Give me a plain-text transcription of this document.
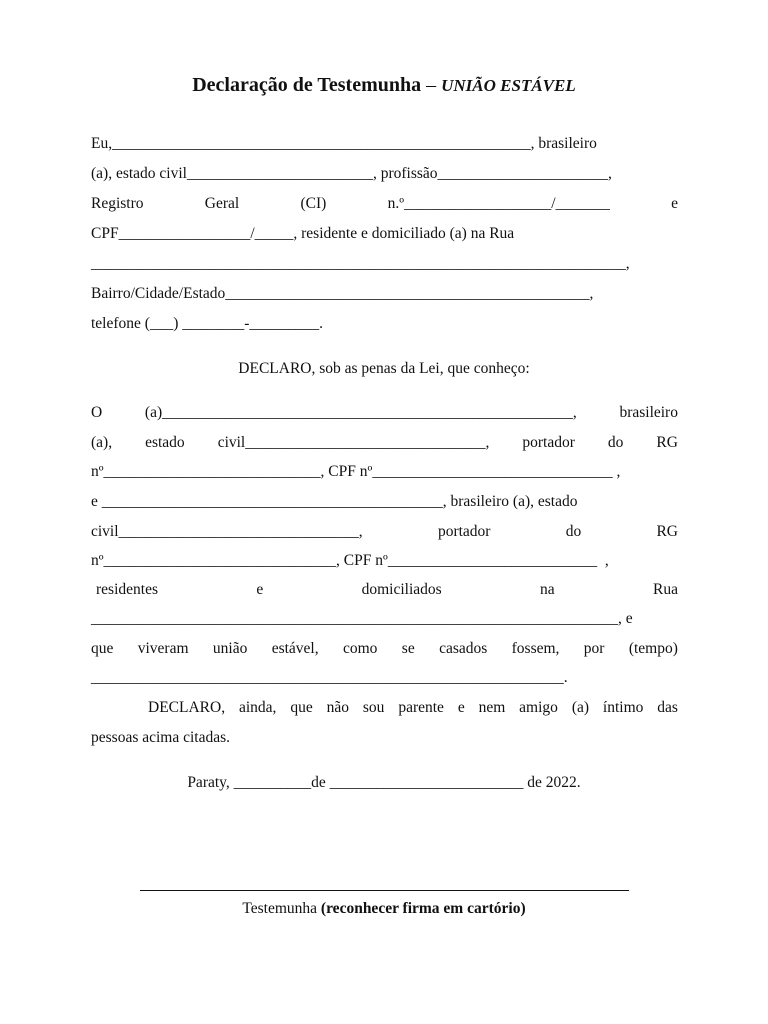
Declaração de Testemunha – UNIÃO ESTÁVEL
Eu,______________________________________________________, brasileiro
(a), estado civil________________________, profissão______________________,
Registro	Geral	(CI)	n.º___________________/_______	e
CPF_________________/_____, residente e domiciliado (a) na Rua
_____________________________________________________________________,
Bairro/Cidade/Estado_______________________________________________,
telefone (___) ________-_________.
DECLARO, sob as penas da Lei, que conheço:
O	(a)_____________________________________________________,	brasileiro
(a), estado civil_______________________________, portador do RG
nº____________________________, CPF nº_______________________________ ,
e ____________________________________________, brasileiro (a), estado
civil_______________________________,	portador	do	RG
nº______________________________, CPF nº___________________________  ,
residentes	e	domiciliados	na	Rua
____________________________________________________________________, e
que viveram união estável, como se casados fossem, por (tempo)
_____________________________________________________________.
DECLARO, ainda, que não sou parente e nem amigo (a) íntimo das
pessoas acima citadas.
Paraty, __________de _________________________ de 2022.
Testemunha (reconhecer firma em cartório)
